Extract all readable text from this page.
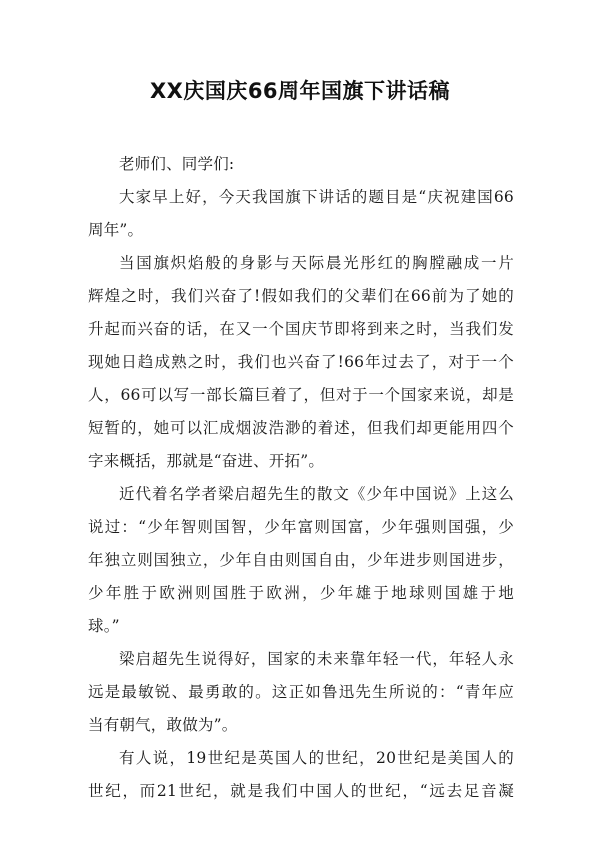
XX庆国庆66周年国旗下讲话稿

老师们、同学们:

大家早上好，今天我国旗下讲话的题目是“庆祝建国66

周年”。

当国旗炽焰般的身影与天际晨光彤红的胸膛融成一片

辉煌之时，我们兴奋了!假如我们的父辈们在66前为了她的

升起而兴奋的话，在又一个国庆节即将到来之时，当我们发

现她日趋成熟之时，我们也兴奋了!66年过去了，对于一个

人，66可以写一部长篇巨着了，但对于一个国家来说，却是

短暂的，她可以汇成烟波浩渺的着述，但我们却更能用四个

字来概括，那就是“奋进、开拓”。

近代着名学者梁启超先生的散文《少年中国说》上这么

说过：“少年智则国智，少年富则国富，少年强则国强，少

年独立则国独立，少年自由则国自由，少年进步则国进步，

少年胜于欧洲则国胜于欧洲，少年雄于地球则国雄于地

球。”

梁启超先生说得好，国家的未来靠年轻一代，年轻人永

远是最敏锐、最勇敢的。这正如鲁迅先生所说的：“青年应

当有朝气，敢做为”。

有人说，19世纪是英国人的世纪，20世纪是美国人的

世纪，而21世纪，就是我们中国人的世纪，“远去足音凝
